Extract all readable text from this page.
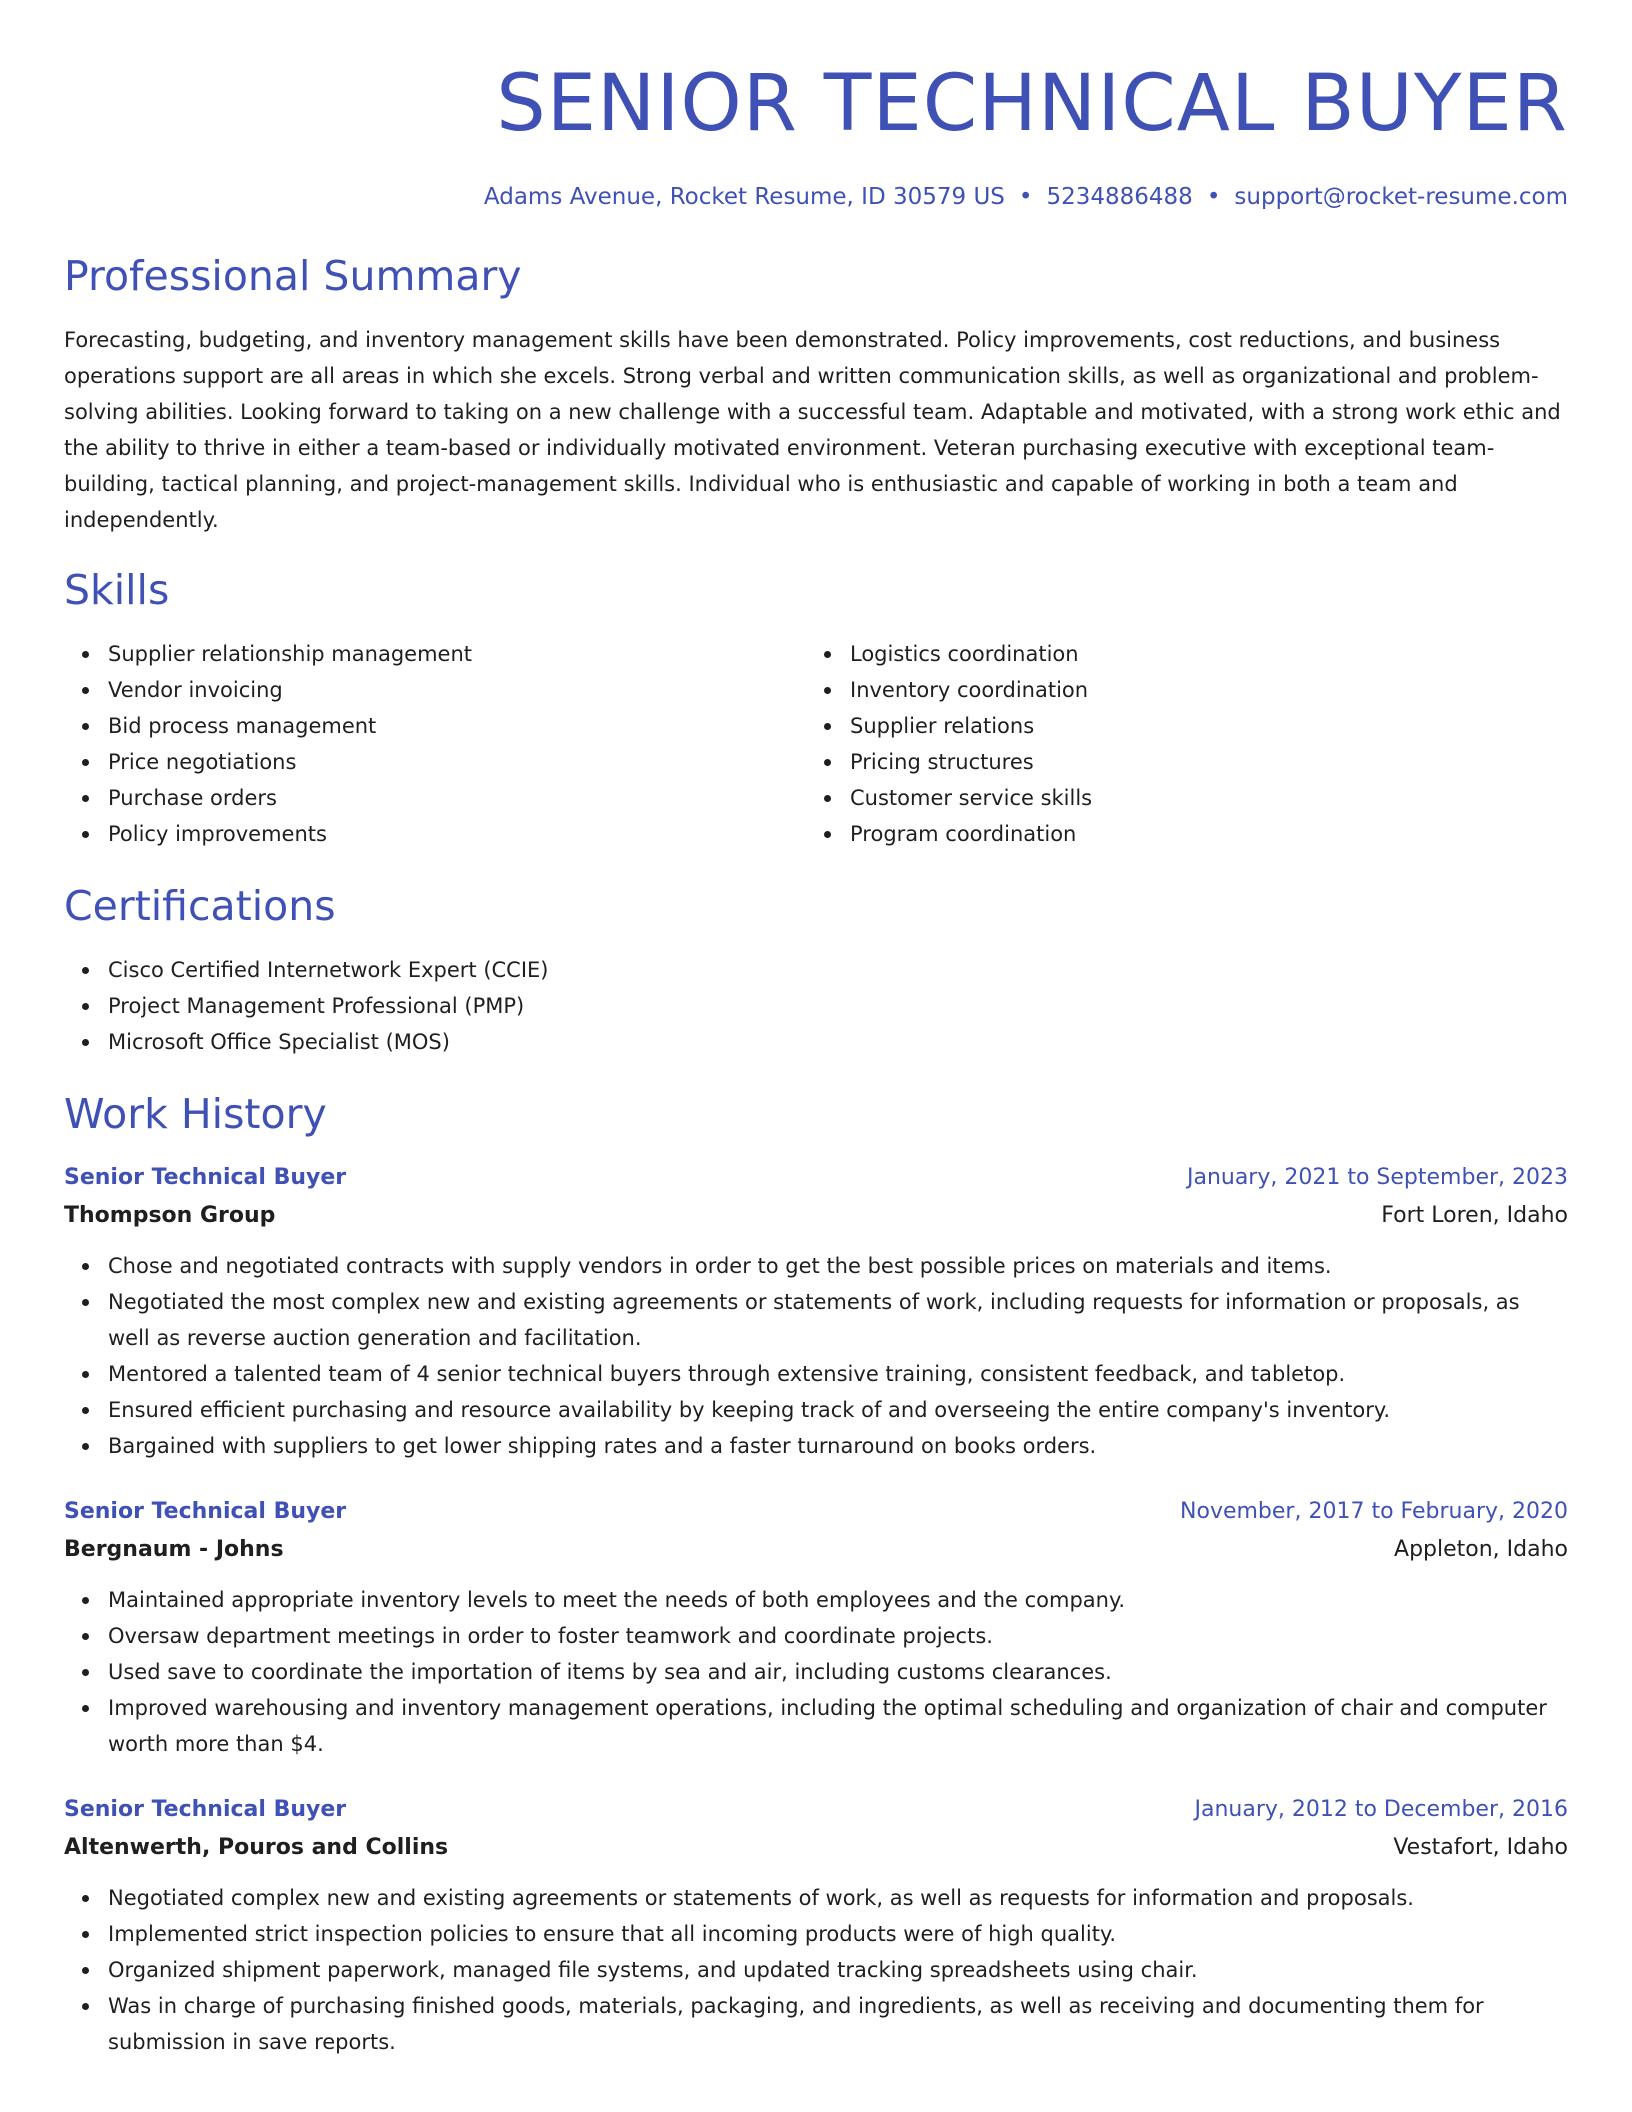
SENIOR TECHNICAL BUYER
Adams Avenue, Rocket Resume, ID 30579 US • 5234886488 • support@rocket-resume.com
Professional Summary

Forecasting, budgeting, and inventory management skills have been demonstrated. Policy improvements, cost reductions, and business operations support are all areas in which she excels. Strong verbal and written communication skills, as well as organizational and problem-solving abilities. Looking forward to taking on a new challenge with a successful team. Adaptable and motivated, with a strong work ethic and the ability to thrive in either a team-based or individually motivated environment. Veteran purchasing executive with exceptional team-building, tactical planning, and project-management skills. Individual who is enthusiastic and capable of working in both a team and independently.

Skills
Supplier relationship management
Vendor invoicing
Bid process management
Price negotiations
Purchase orders
Policy improvements
Logistics coordination
Inventory coordination
Supplier relations
Pricing structures
Customer service skills
Program coordination
Certifications
Cisco Certified Internetwork Expert (CCIE)
Project Management Professional (PMP)
Microsoft Office Specialist (MOS)
Work History
Senior Technical Buyer	January, 2021 to September, 2023
Thompson Group	Fort Loren, Idaho
Chose and negotiated contracts with supply vendors in order to get the best possible prices on materials and items.
Negotiated the most complex new and existing agreements or statements of work, including requests for information or proposals, as well as reverse auction generation and facilitation.
Mentored a talented team of 4 senior technical buyers through extensive training, consistent feedback, and tabletop.
Ensured efficient purchasing and resource availability by keeping track of and overseeing the entire company's inventory.
Bargained with suppliers to get lower shipping rates and a faster turnaround on books orders.
Senior Technical Buyer	November, 2017 to February, 2020
Bergnaum - Johns	Appleton, Idaho
Maintained appropriate inventory levels to meet the needs of both employees and the company.
Oversaw department meetings in order to foster teamwork and coordinate projects.
Used save to coordinate the importation of items by sea and air, including customs clearances.
Improved warehousing and inventory management operations, including the optimal scheduling and organization of chair and computer worth more than $4.
Senior Technical Buyer	January, 2012 to December, 2016
Altenwerth, Pouros and Collins	Vestafort, Idaho
Negotiated complex new and existing agreements or statements of work, as well as requests for information and proposals.
Implemented strict inspection policies to ensure that all incoming products were of high quality.
Organized shipment paperwork, managed file systems, and updated tracking spreadsheets using chair.
Was in charge of purchasing finished goods, materials, packaging, and ingredients, as well as receiving and documenting them for submission in save reports.
